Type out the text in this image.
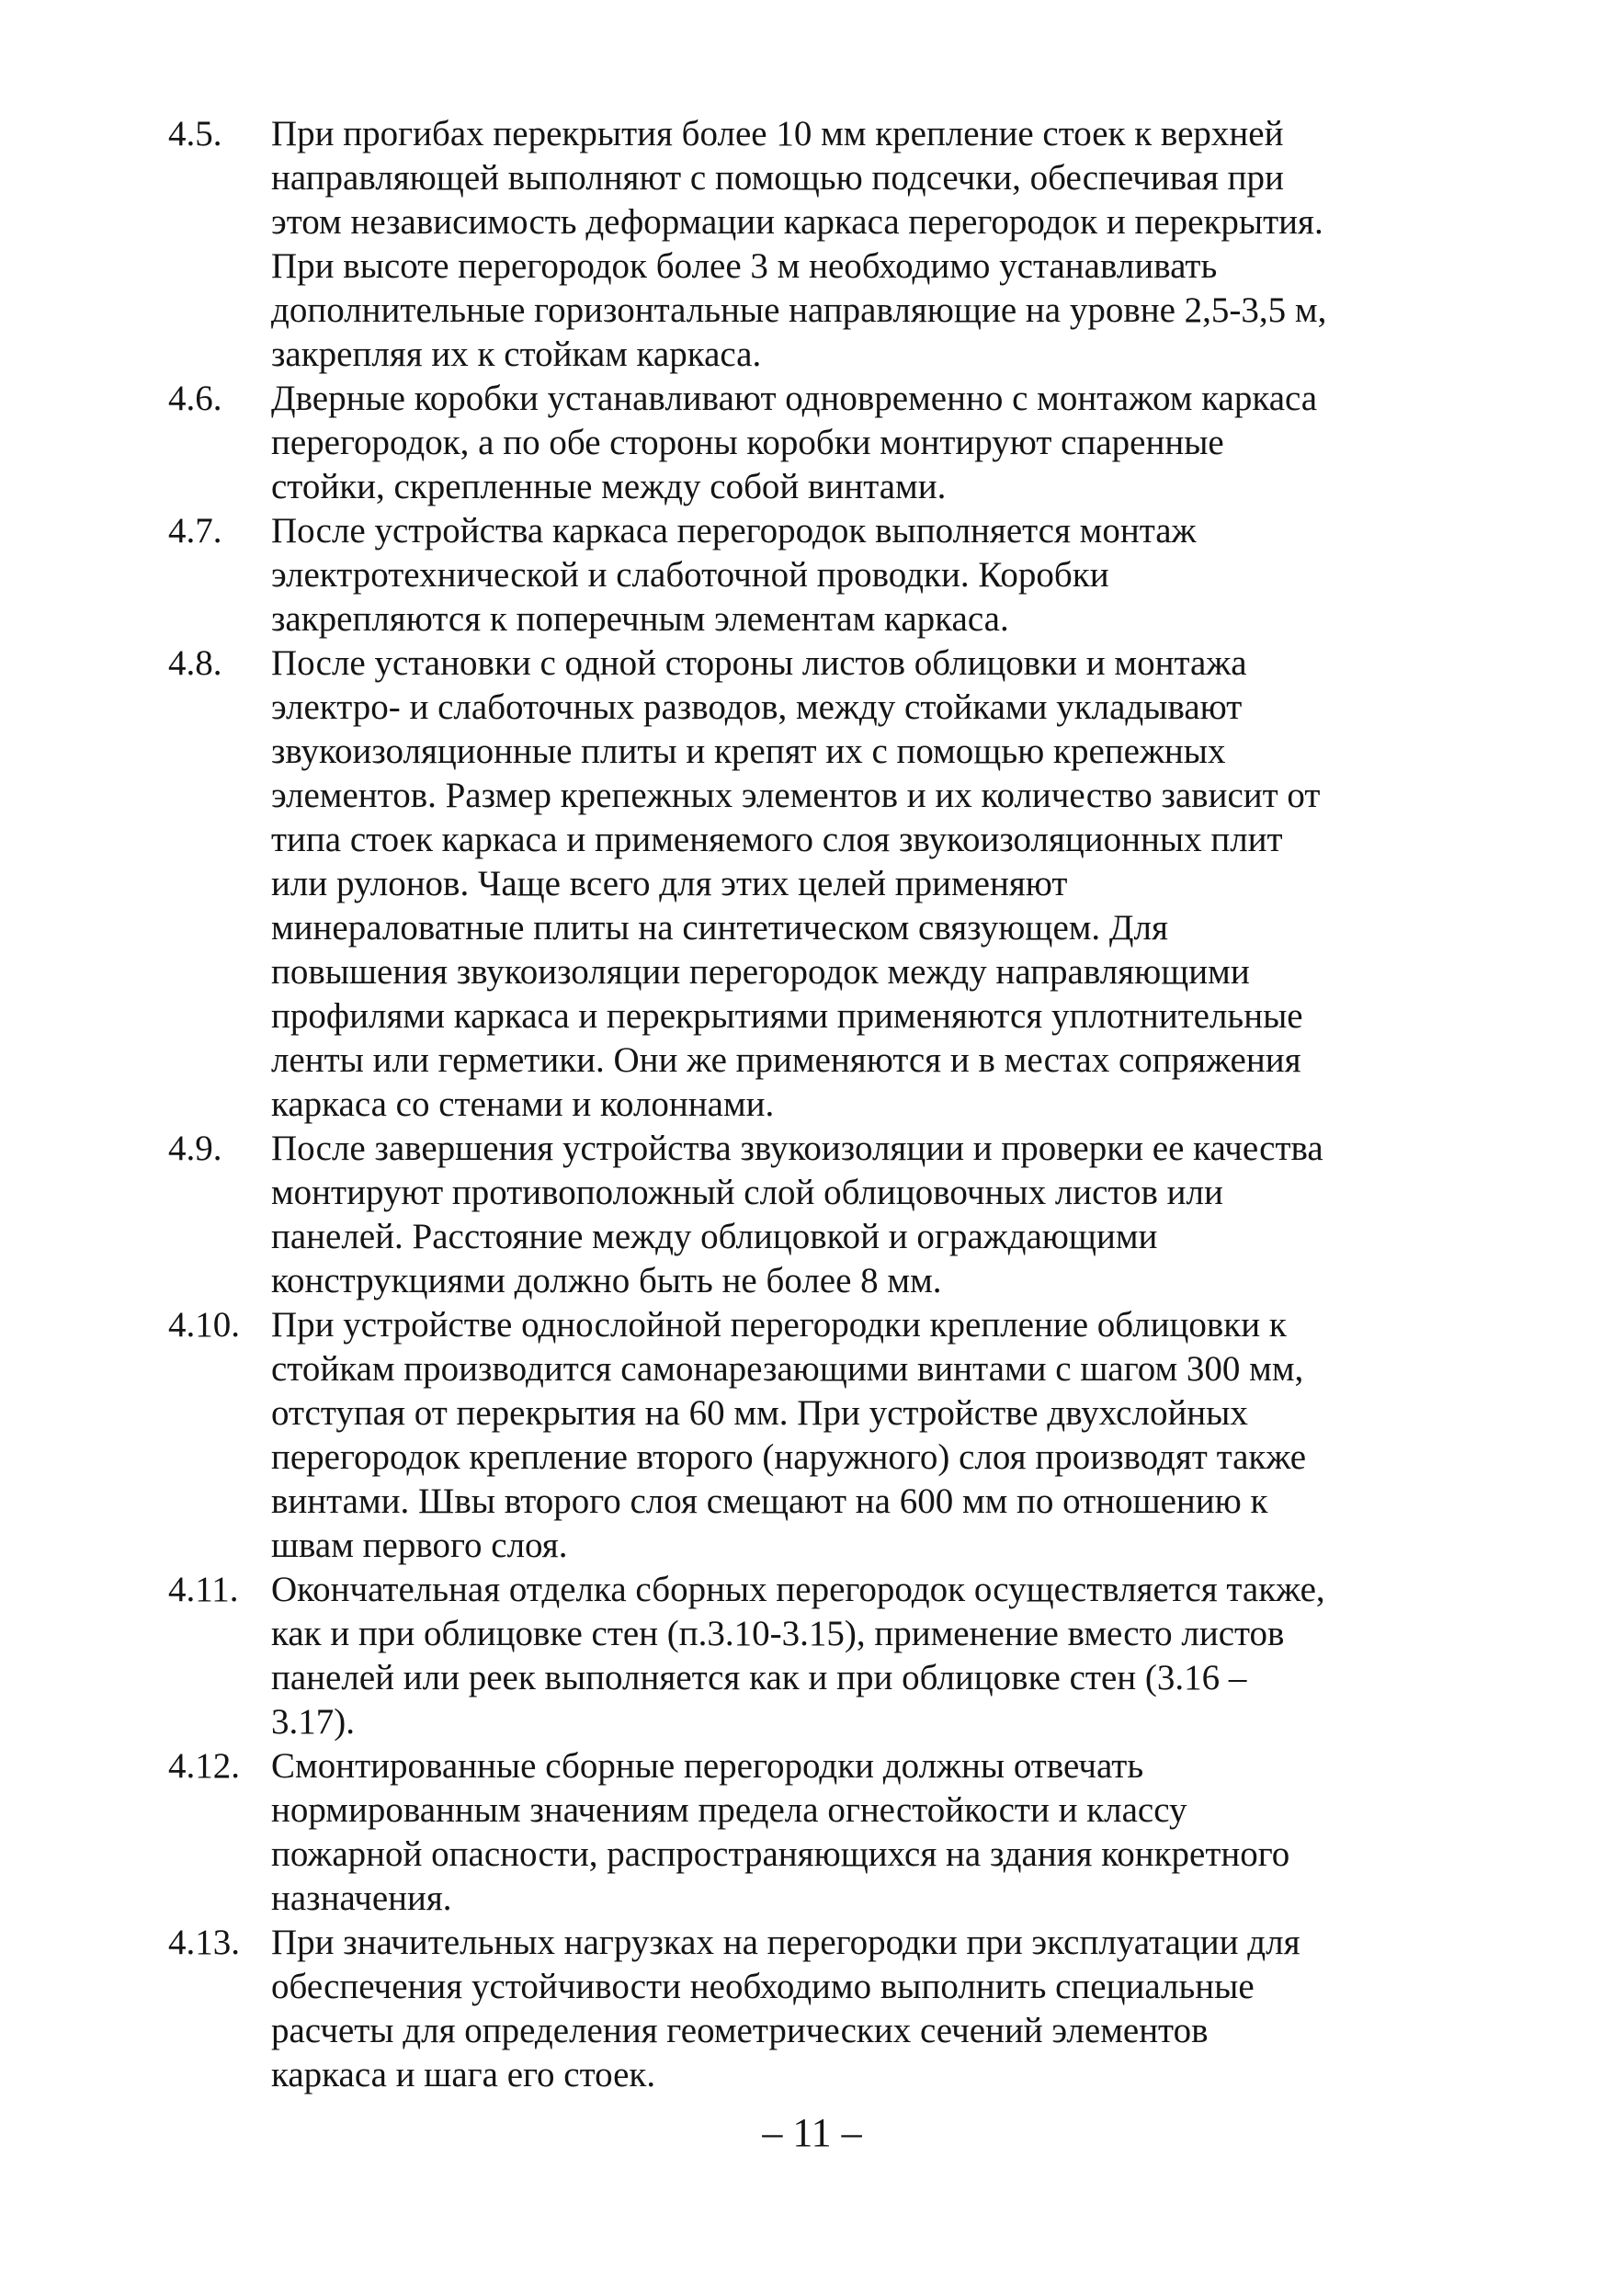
4.5.	При прогибах перекрытия более 10 мм крепление стоек к верхней
направляющей выполняют с помощью подсечки, обеспечивая при
этом независимость деформации каркаса перегородок и перекрытия.
При высоте перегородок более 3 м необходимо устанавливать
дополнительные горизонтальные направляющие на уровне 2,5-3,5 м,
закрепляя их к стойкам каркаса.
4.6.	Дверные коробки устанавливают одновременно с монтажом каркаса
перегородок, а по обе стороны коробки монтируют спаренные
стойки, скрепленные между собой винтами.
4.7.	После устройства каркаса перегородок выполняется монтаж
электротехнической и слаботочной проводки. Коробки
закрепляются к поперечным элементам каркаса.
4.8.	После установки с одной стороны листов облицовки и монтажа
электро- и слаботочных разводов, между стойками укладывают
звукоизоляционные плиты и крепят их с помощью крепежных
элементов. Размер крепежных элементов и их количество зависит от
типа стоек каркаса и применяемого слоя звукоизоляционных плит
или рулонов. Чаще всего для этих целей применяют
минераловатные плиты на синтетическом связующем. Для
повышения звукоизоляции перегородок между направляющими
профилями каркаса и перекрытиями применяются уплотнительные
ленты или герметики. Они же применяются и в местах сопряжения
каркаса со стенами и колоннами.
4.9.	После завершения устройства звукоизоляции и проверки ее качества
монтируют противоположный слой облицовочных листов или
панелей. Расстояние между облицовкой и ограждающими
конструкциями должно быть не более 8 мм.
4.10. При устройстве однослойной перегородки крепление облицовки к
стойкам производится самонарезающими винтами с шагом 300 мм,
отступая от перекрытия на 60 мм. При устройстве двухслойных
перегородок крепление второго (наружного) слоя производят также
винтами. Швы второго слоя смещают на 600 мм по отношению к
швам первого слоя.
4.11. Окончательная отделка сборных перегородок осуществляется также,
как и при облицовке стен (п.3.10-3.15), применение вместо листов
панелей или реек выполняется как и при облицовке стен (3.16 –
3.17).
4.12. Смонтированные сборные перегородки должны отвечать
нормированным значениям предела огнестойкости и классу
пожарной опасности, распространяющихся на здания конкретного
назначения.
4.13. При значительных нагрузках на перегородки при эксплуатации для
обеспечения устойчивости необходимо выполнить специальные
расчеты для определения геометрических сечений элементов
каркаса и шага его стоек.
– 11 –
